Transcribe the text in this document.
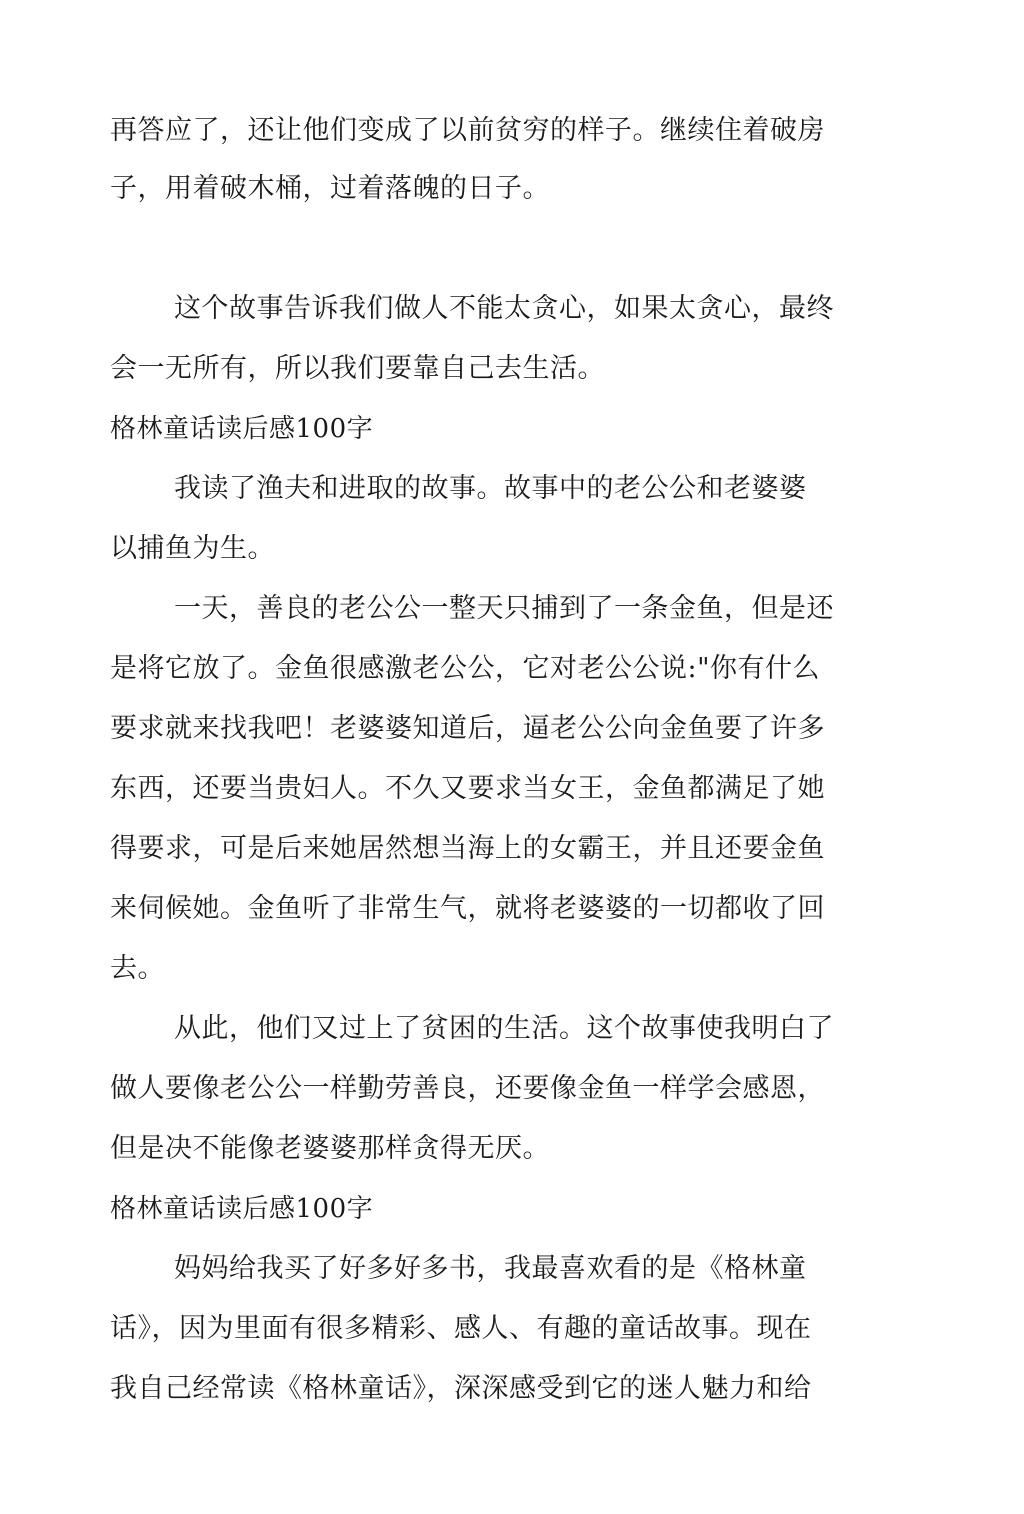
再答应了，还让他们变成了以前贫穷的样子。继续住着破房
子，用着破木桶，过着落魄的日子。
这个故事告诉我们做人不能太贪心，如果太贪心，最终
会一无所有，所以我们要靠自己去生活。
格林童话读后感100字
我读了渔夫和进取的故事。故事中的老公公和老婆婆
以捕鱼为生。
一天，善良的老公公一整天只捕到了一条金鱼，但是还
是将它放了。金鱼很感激老公公，它对老公公说:"你有什么
要求就来找我吧！老婆婆知道后，逼老公公向金鱼要了许多
东西，还要当贵妇人。不久又要求当女王，金鱼都满足了她
得要求，可是后来她居然想当海上的女霸王，并且还要金鱼
来伺候她。金鱼听了非常生气，就将老婆婆的一切都收了回
去。
从此，他们又过上了贫困的生活。这个故事使我明白了
做人要像老公公一样勤劳善良，还要像金鱼一样学会感恩，
但是决不能像老婆婆那样贪得无厌。
格林童话读后感100字
妈妈给我买了好多好多书，我最喜欢看的是《格林童
话》，因为里面有很多精彩、感人、有趣的童话故事。现在
我自己经常读《格林童话》，深深感受到它的迷人魅力和给
